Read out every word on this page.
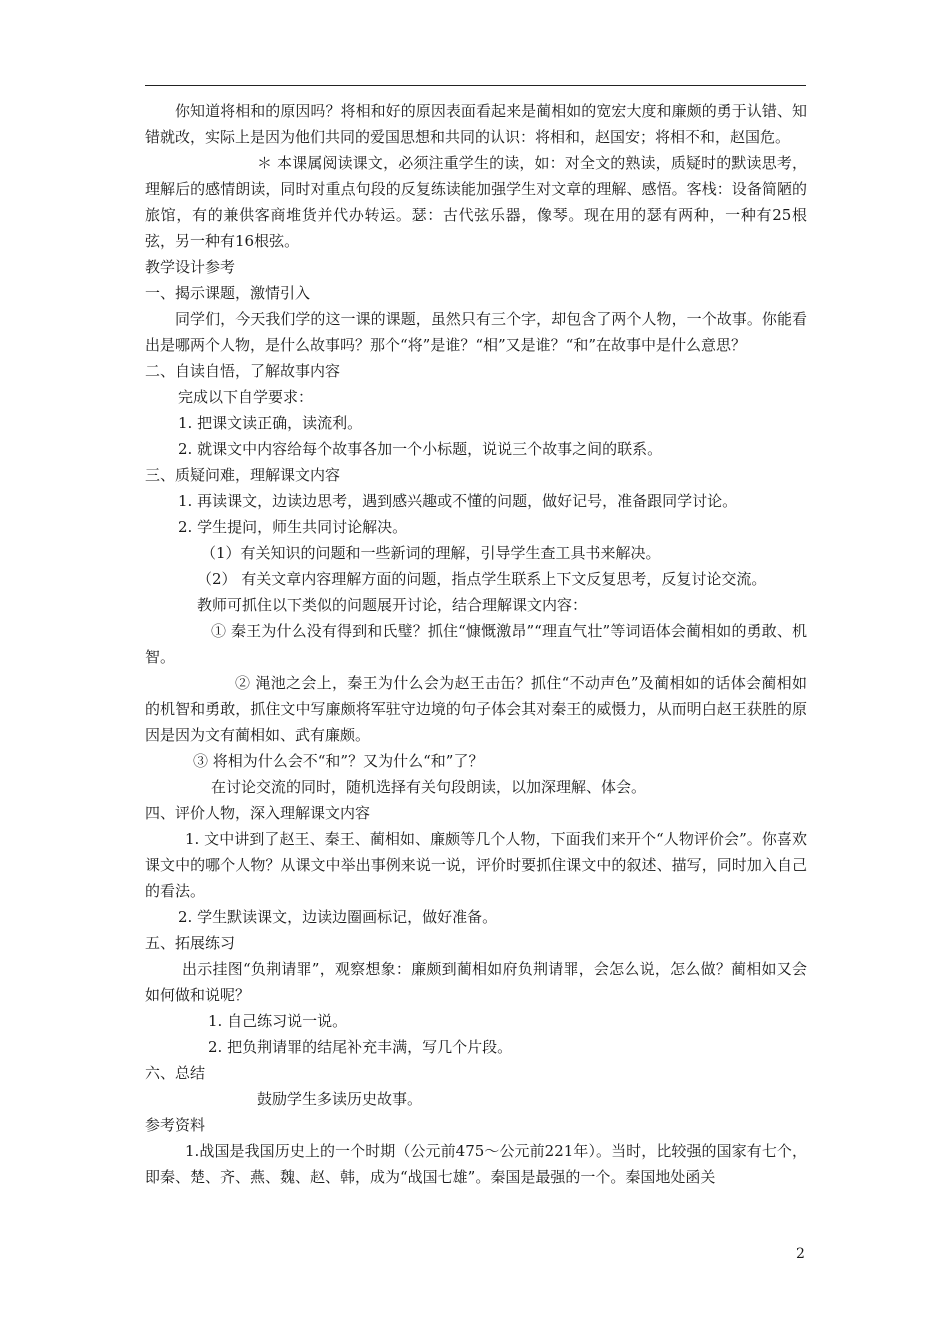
你知道将相和的原因吗？将相和好的原因表面看起来是蔺相如的宽宏大度和廉颇的勇于认错、知错就改，实际上是因为他们共同的爱国思想和共同的认识：将相和，赵国安；将相不和，赵国危。

＊ 本课属阅读课文，必须注重学生的读，如：对全文的熟读，质疑时的默读思考，理解后的感情朗读，同时对重点句段的反复练读能加强学生对文章的理解、感悟。客栈：设备简陋的旅馆，有的兼供客商堆货并代办转运。瑟：古代弦乐器，像琴。现在用的瑟有两种，一种有25根弦，另一种有16根弦。

教学设计参考

一、揭示课题，激情引入

同学们，今天我们学的这一课的课题，虽然只有三个字，却包含了两个人物，一个故事。你能看出是哪两个人物，是什么故事吗？那个“将”是谁？“相”又是谁？“和”在故事中是什么意思？

二、自读自悟，了解故事内容

完成以下自学要求：

1. 把课文读正确，读流利。

2. 就课文中内容给每个故事各加一个小标题，说说三个故事之间的联系。

三、质疑问难，理解课文内容

1. 再读课文，边读边思考，遇到感兴趣或不懂的问题，做好记号，准备跟同学讨论。

2. 学生提问，师生共同讨论解决。

（1）有关知识的问题和一些新词的理解，引导学生查工具书来解决。

（2） 有关文章内容理解方面的问题，指点学生联系上下文反复思考，反复讨论交流。

教师可抓住以下类似的问题展开讨论，结合理解课文内容：

① 秦王为什么没有得到和氏璧？抓住“慷慨激昂”“理直气壮”等词语体会蔺相如的勇敢、机智。

② 渑池之会上，秦王为什么会为赵王击缶？抓住“不动声色”及蔺相如的话体会蔺相如的机智和勇敢，抓住文中写廉颇将军驻守边境的句子体会其对秦王的威慑力，从而明白赵王获胜的原因是因为文有蔺相如、武有廉颇。

③ 将相为什么会不“和”？又为什么“和”了？

在讨论交流的同时，随机选择有关句段朗读，以加深理解、体会。

四、评价人物，深入理解课文内容

1. 文中讲到了赵王、秦王、蔺相如、廉颇等几个人物，下面我们来开个“人物评价会”。你喜欢课文中的哪个人物？从课文中举出事例来说一说，评价时要抓住课文中的叙述、描写，同时加入自己的看法。

2. 学生默读课文，边读边圈画标记，做好准备。

五、拓展练习

出示挂图“负荆请罪”，观察想象：廉颇到蔺相如府负荆请罪，会怎么说，怎么做？蔺相如又会如何做和说呢？

1. 自己练习说一说。

2. 把负荆请罪的结尾补充丰满，写几个片段。

六、总结

鼓励学生多读历史故事。

参考资料

1.战国是我国历史上的一个时期（公元前475～公元前221年）。当时，比较强的国家有七个，即秦、楚、齐、燕、魏、赵、韩，成为“战国七雄”。秦国是最强的一个。秦国地处函关

2
